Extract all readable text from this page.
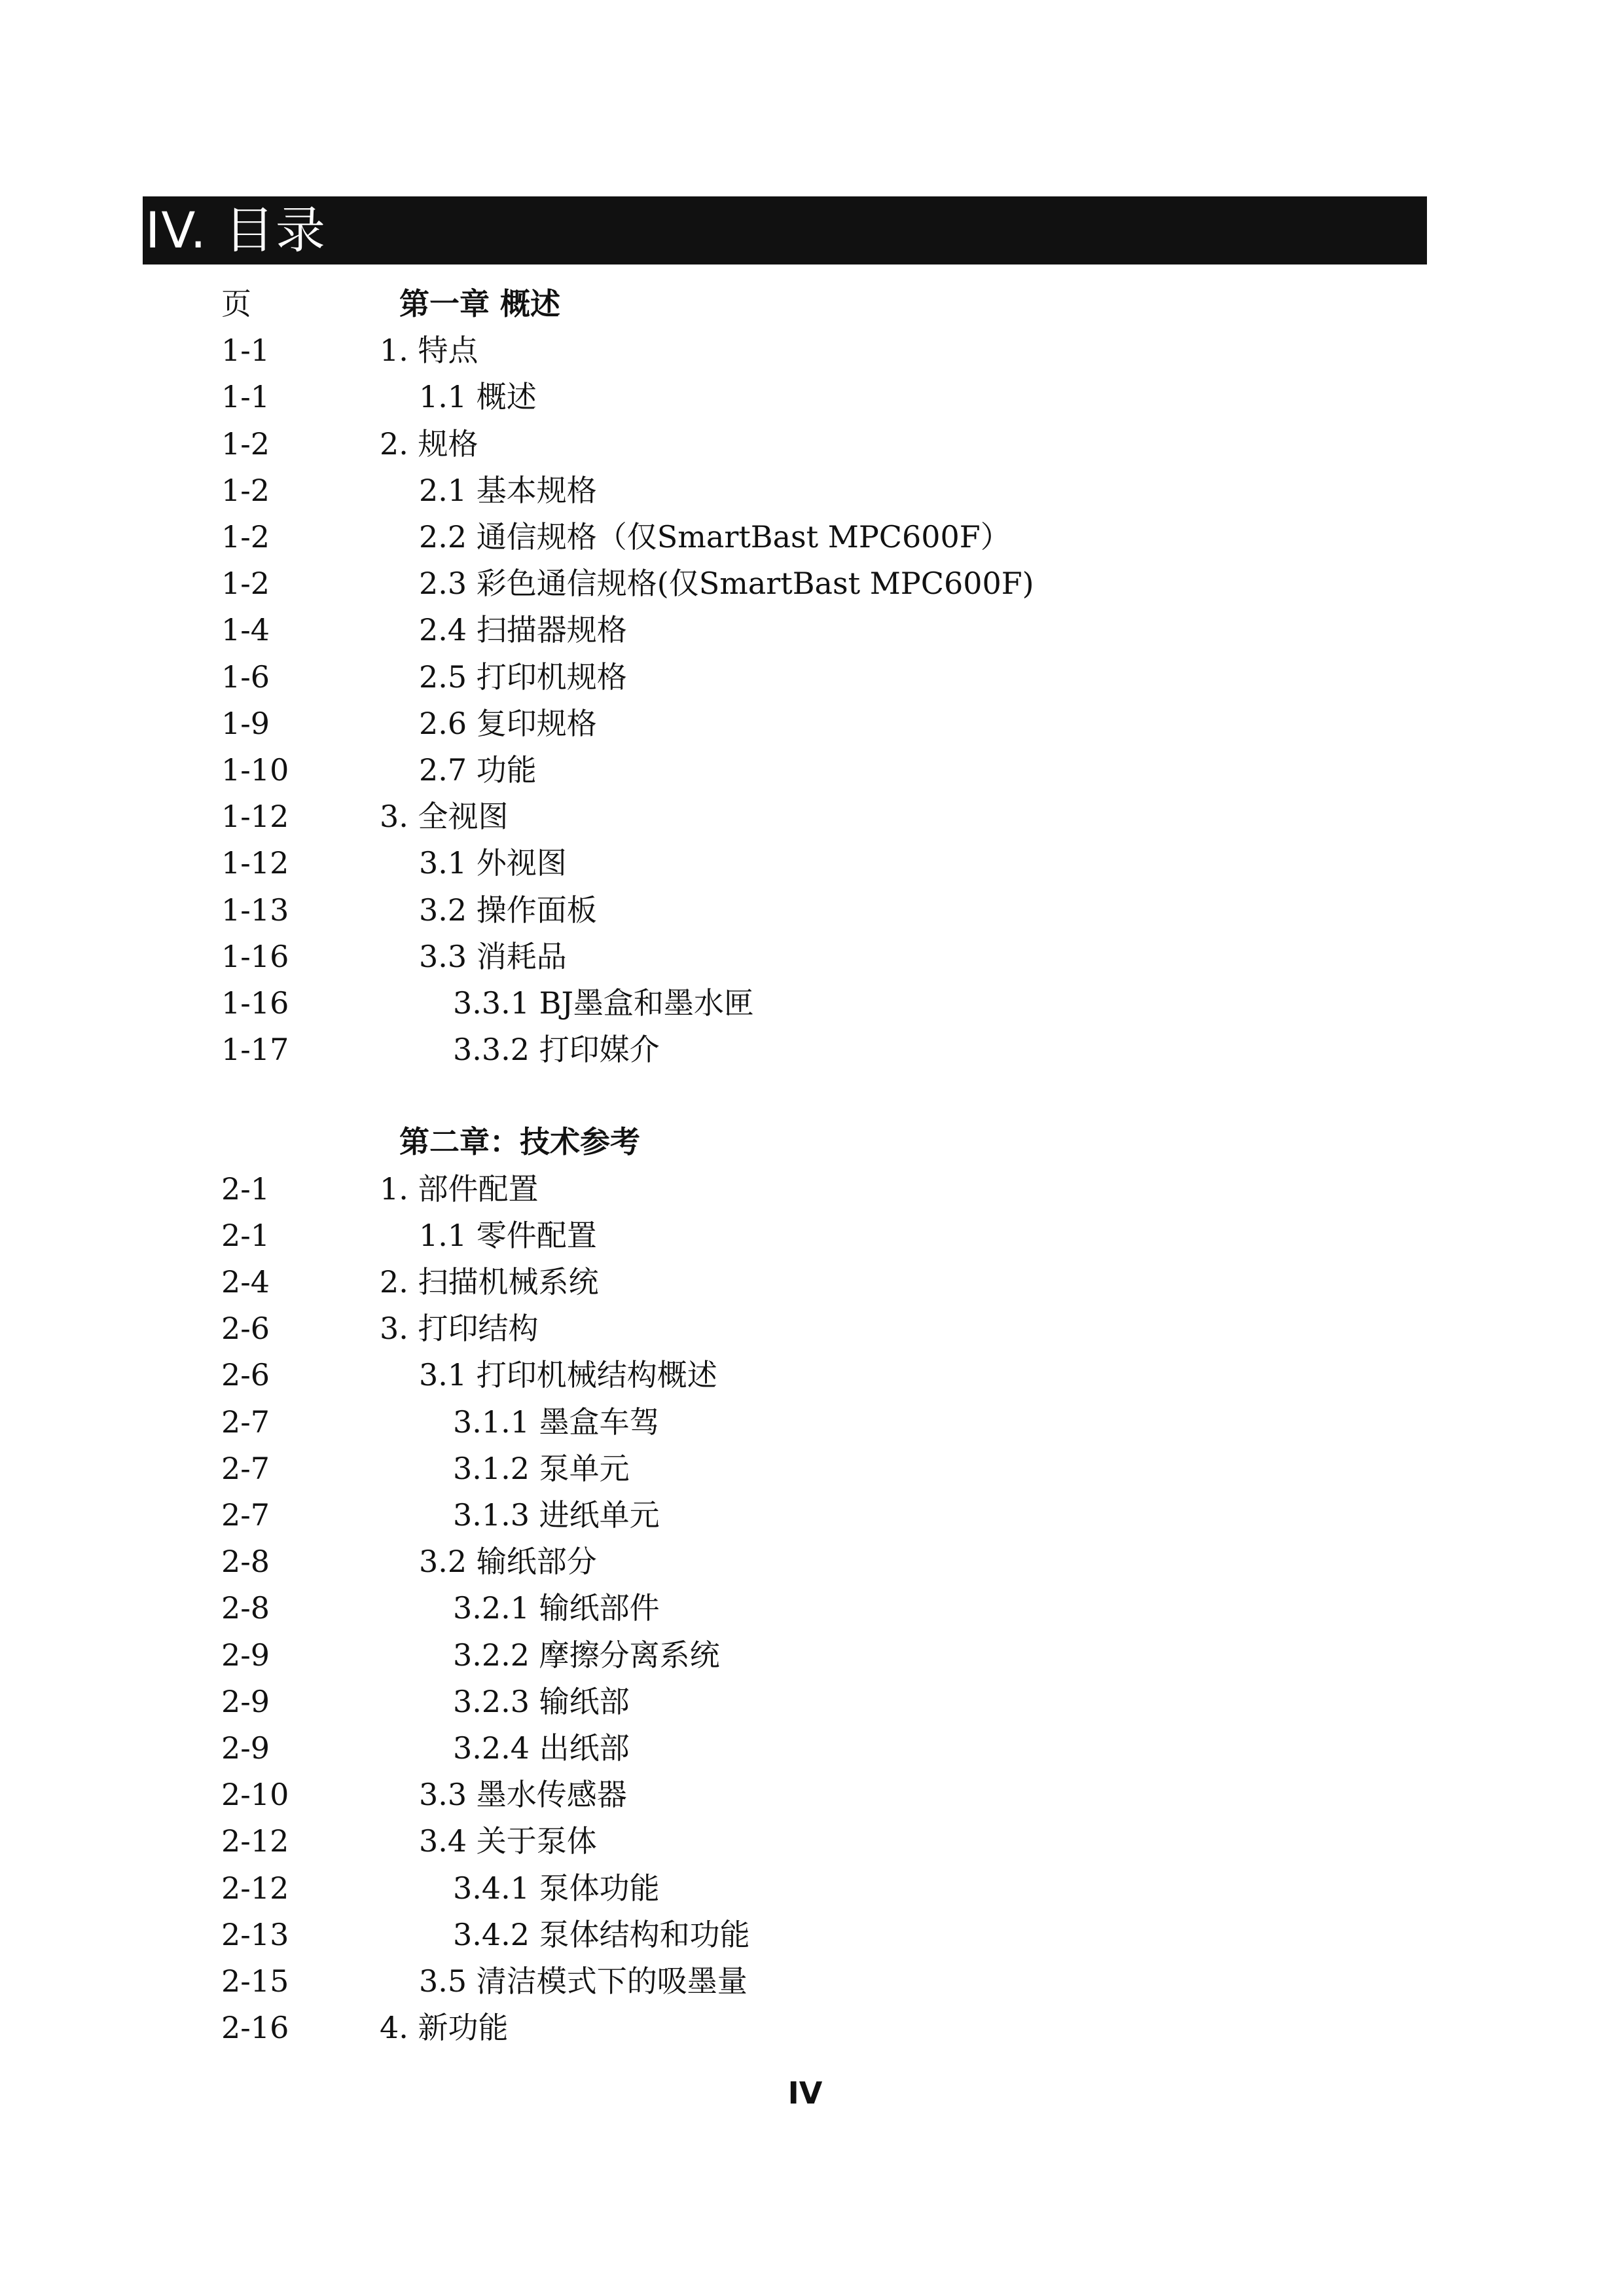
IV. 目录
页	第一章 概述
1-1	1. 特点
1-1	1.1 概述
1-2	2. 规格
1-2	2.1 基本规格
1-2	2.2 通信规格（仅SmartBast MPC600F）
1-2	2.3 彩色通信规格(仅SmartBast MPC600F)
1-4	2.4 扫描器规格
1-6	2.5 打印机规格
1-9	2.6 复印规格
1-10	2.7 功能
1-12	3. 全视图
1-12	3.1 外视图
1-13	3.2 操作面板
1-16	3.3 消耗品
1-16	3.3.1 BJ墨盒和墨水匣
1-17	3.3.2 打印媒介
第二章：技术参考
2-1	1. 部件配置
2-1	1.1 零件配置
2-4	2. 扫描机械系统
2-6	3. 打印结构
2-6	3.1 打印机械结构概述
2-7	3.1.1 墨盒车驾
2-7	3.1.2 泵单元
2-7	3.1.3 进纸单元
2-8	3.2 输纸部分
2-8	3.2.1 输纸部件
2-9	3.2.2 摩擦分离系统
2-9	3.2.3 输纸部
2-9	3.2.4 出纸部
2-10	3.3 墨水传感器
2-12	3.4 关于泵体
2-12	3.4.1 泵体功能
2-13	3.4.2 泵体结构和功能
2-15	3.5 清洁模式下的吸墨量
2-16	4. 新功能
IV
